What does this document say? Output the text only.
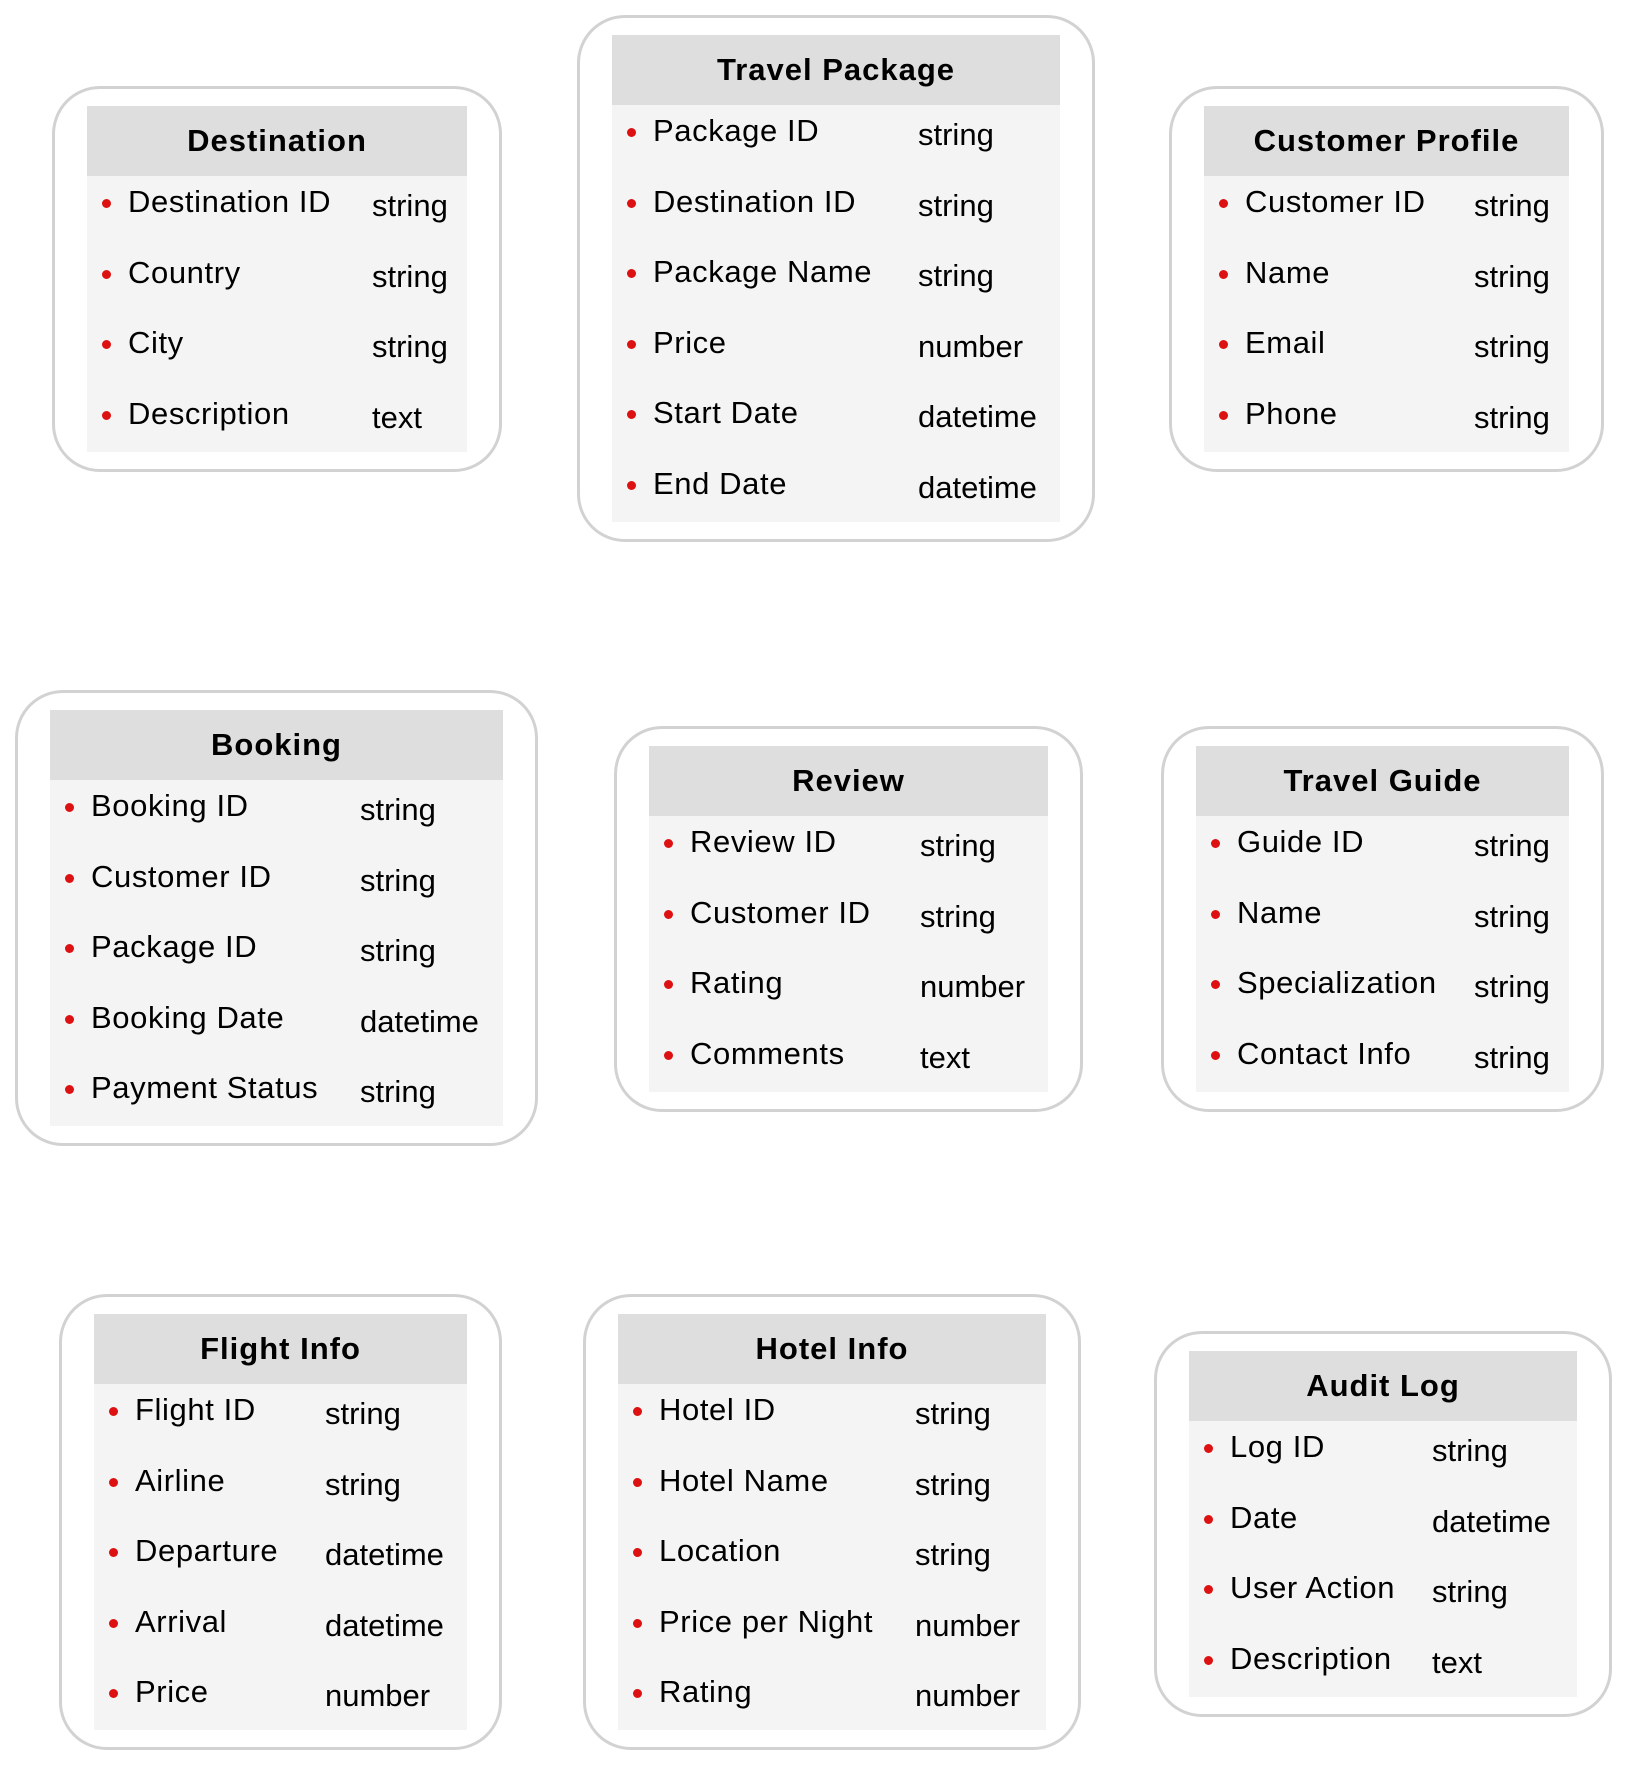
Destination
Destination ID string
Country	string
City	string
Description	text
Travel Package
Package ID	string
Destination ID string
Package Name string
Price	number
Start Date	datetime
End Date	datetime
Customer Profile
Customer ID string
Name	string
Email	string
Phone	string
Booking
Booking ID	string
Customer ID	string
Package ID	string
Booking Date datetime
Payment Status string
Review
Review ID	string
Customer ID string
Rating	number
Comments text
Travel Guide
Guide ID	string
Name	string
Specialization string
Contact Info string
Flight Info
Flight ID string
Airline	string
Departure datetime
Arrival	datetime
Price	number
Hotel Info
Hotel ID	string
Hotel Name	string
Location	string
Price per Night number
Rating	number
Audit Log
Log ID	string
Date	datetime
User Action string
Description text
